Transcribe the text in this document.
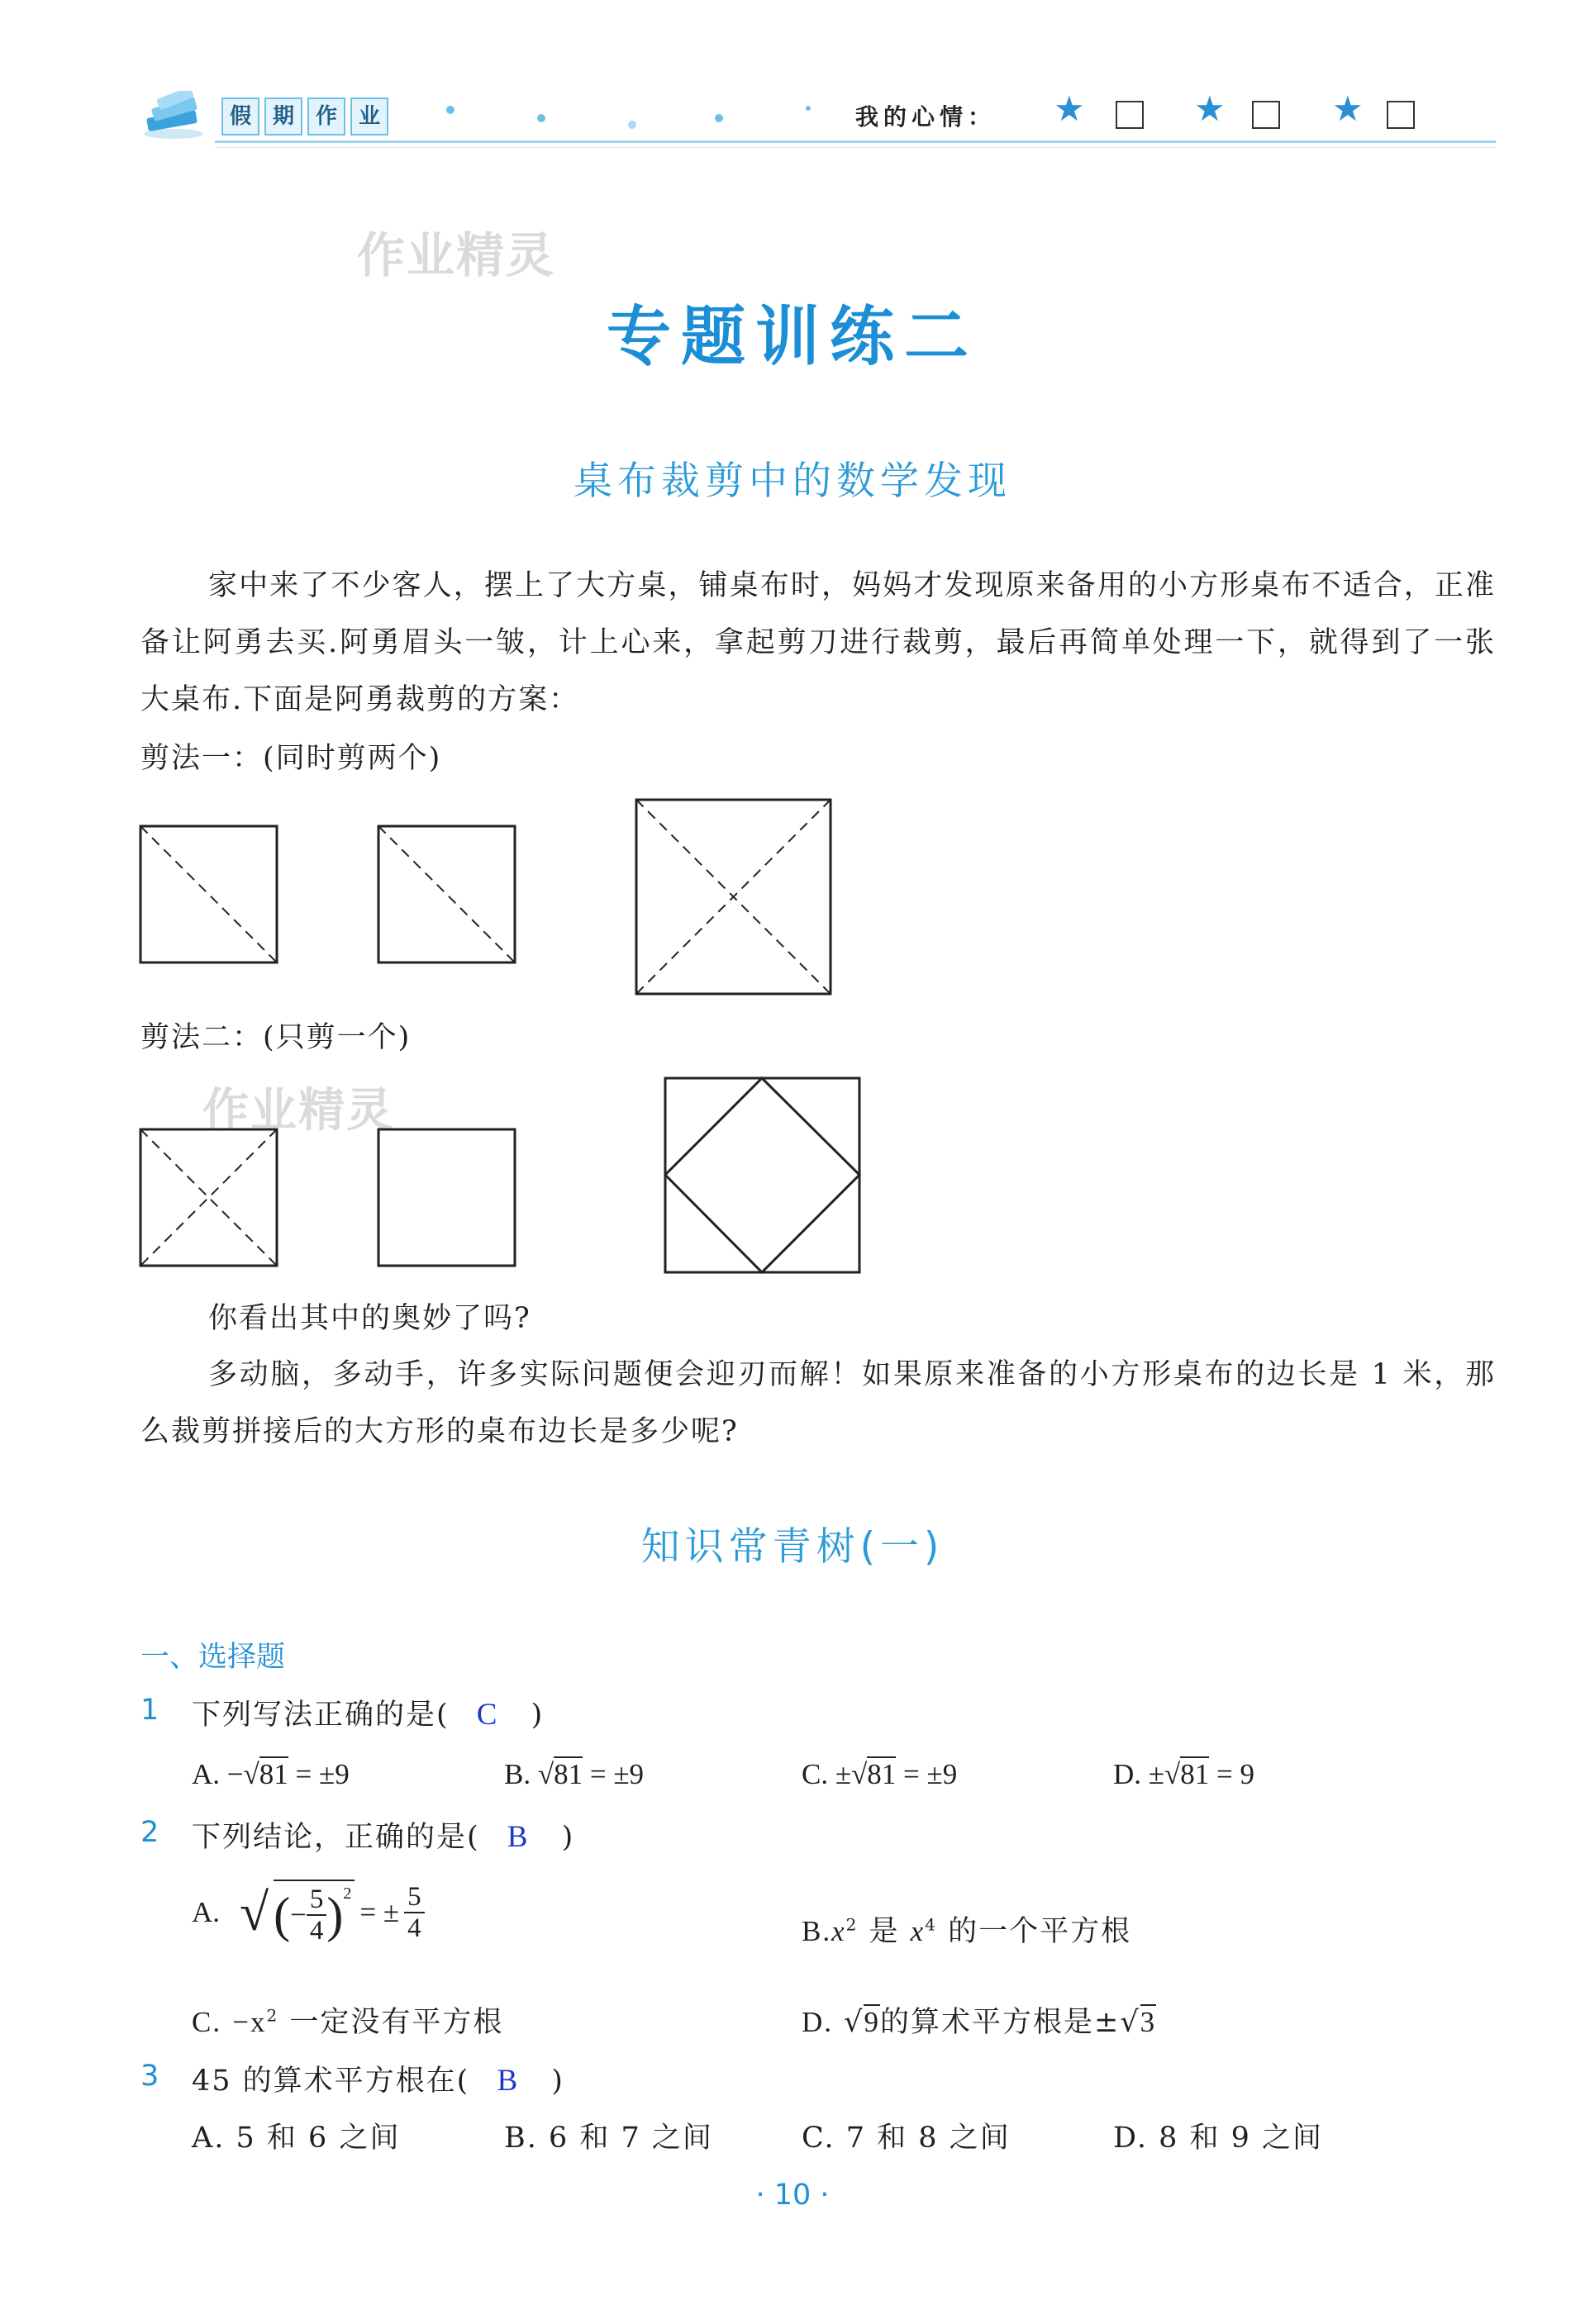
假 期 作 业	我的心情： ★	★	★
作业精灵
作业精灵
专题训练二
桌布裁剪中的数学发现
家中来了不少客人，摆上了大方桌，铺桌布时，妈妈才发现原来备用的小方形桌布不适合，正准备让阿勇去买.阿勇眉头一皱，计上心来，拿起剪刀进行裁剪，最后再简单处理一下，就得到了一张大桌布.下面是阿勇裁剪的方案：
剪法一：(同时剪两个)
剪法二：(只剪一个)
你看出其中的奥妙了吗?
多动脑，多动手，许多实际问题便会迎刃而解！如果原来准备的小方形桌布的边长是 1 米，那么裁剪拼接后的大方形的桌布边长是多少呢?
知识常青树(一)
一、选择题
1 下列写法正确的是( C )
A. −√81 = ±9	B. √81 = ±9	C. ±√81 = ±9	D. ±√81 = 9
2 下列结论，正确的是( B )
A. √ ( − $\frac{5}{4} )^2$
= ± $\frac{5}{4}$	$B.x^2$ 是 $x^4$ 的一个平方根
C. $-x^2$ 一定没有平方根	D. √9的算术平方根是±√3
3 45 的算术平方根在( B )
A. 5 和 6 之间	B. 6 和 7 之间	C. 7 和 8 之间	D. 8 和 9 之间
· 10 ·
